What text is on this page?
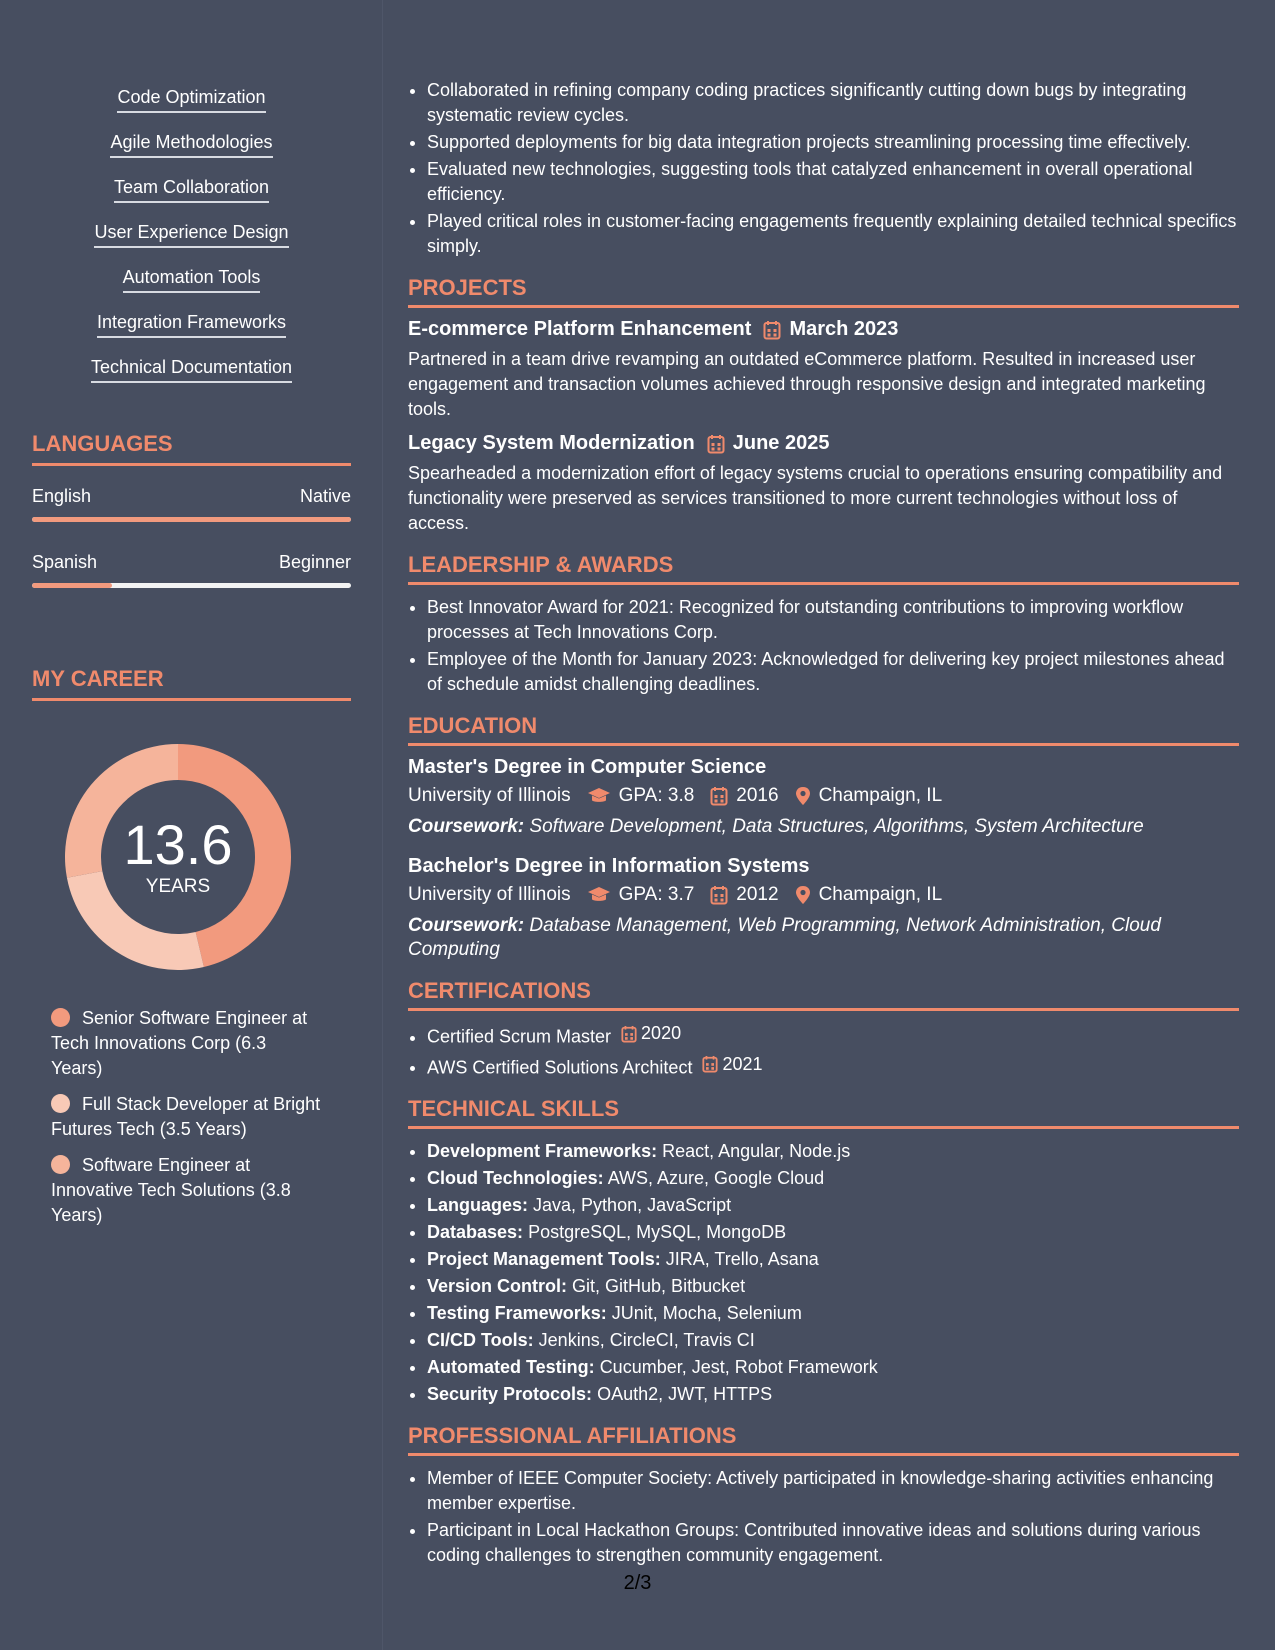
Code Optimization
Agile Methodologies
Team Collaboration
User Experience Design
Automation Tools
Integration Frameworks
Technical Documentation
LANGUAGES
English	Native
Spanish	Beginner
MY CAREER
13.6
YEARS
Senior Software Engineer at Tech Innovations Corp (6.3 Years)
Full Stack Developer at Bright Futures Tech (3.5 Years)
Software Engineer at Innovative Tech Solutions (3.8 Years)
• Collaborated in refining company coding practices significantly cutting down bugs by integrating systematic review cycles.
• Supported deployments for big data integration projects streamlining processing time effectively.
• Evaluated new technologies, suggesting tools that catalyzed enhancement in overall operational efficiency.
• Played critical roles in customer-facing engagements frequently explaining detailed technical specifics simply.
PROJECTS
E-commerce Platform Enhancement March 2023
Partnered in a team drive revamping an outdated eCommerce platform. Resulted in increased user engagement and transaction volumes achieved through responsive design and integrated marketing tools.
Legacy System Modernization June 2025
Spearheaded a modernization effort of legacy systems crucial to operations ensuring compatibility and functionality were preserved as services transitioned to more current technologies without loss of access.
LEADERSHIP & AWARDS
• Best Innovator Award for 2021: Recognized for outstanding contributions to improving workflow processes at Tech Innovations Corp.
• Employee of the Month for January 2023: Acknowledged for delivering key project milestones ahead of schedule amidst challenging deadlines.
EDUCATION
Master's Degree in Computer Science
University of Illinois	GPA: 3.8 2016 Champaign, IL
Coursework: Software Development, Data Structures, Algorithms, System Architecture
Bachelor's Degree in Information Systems
University of Illinois	GPA: 3.7 2012 Champaign, IL
Coursework: Database Management, Web Programming, Network Administration, Cloud Computing
CERTIFICATIONS
• Certified Scrum Master 2020
• AWS Certified Solutions Architect 2021
TECHNICAL SKILLS
• Development Frameworks: React, Angular, Node.js
• Cloud Technologies: AWS, Azure, Google Cloud
• Languages: Java, Python, JavaScript
• Databases: PostgreSQL, MySQL, MongoDB
• Project Management Tools: JIRA, Trello, Asana
• Version Control: Git, GitHub, Bitbucket
• Testing Frameworks: JUnit, Mocha, Selenium
• CI/CD Tools: Jenkins, CircleCI, Travis CI
• Automated Testing: Cucumber, Jest, Robot Framework
• Security Protocols: OAuth2, JWT, HTTPS
PROFESSIONAL AFFILIATIONS
• Member of IEEE Computer Society: Actively participated in knowledge-sharing activities enhancing member expertise.
• Participant in Local Hackathon Groups: Contributed innovative ideas and solutions during various coding challenges to strengthen community engagement.
2/3
